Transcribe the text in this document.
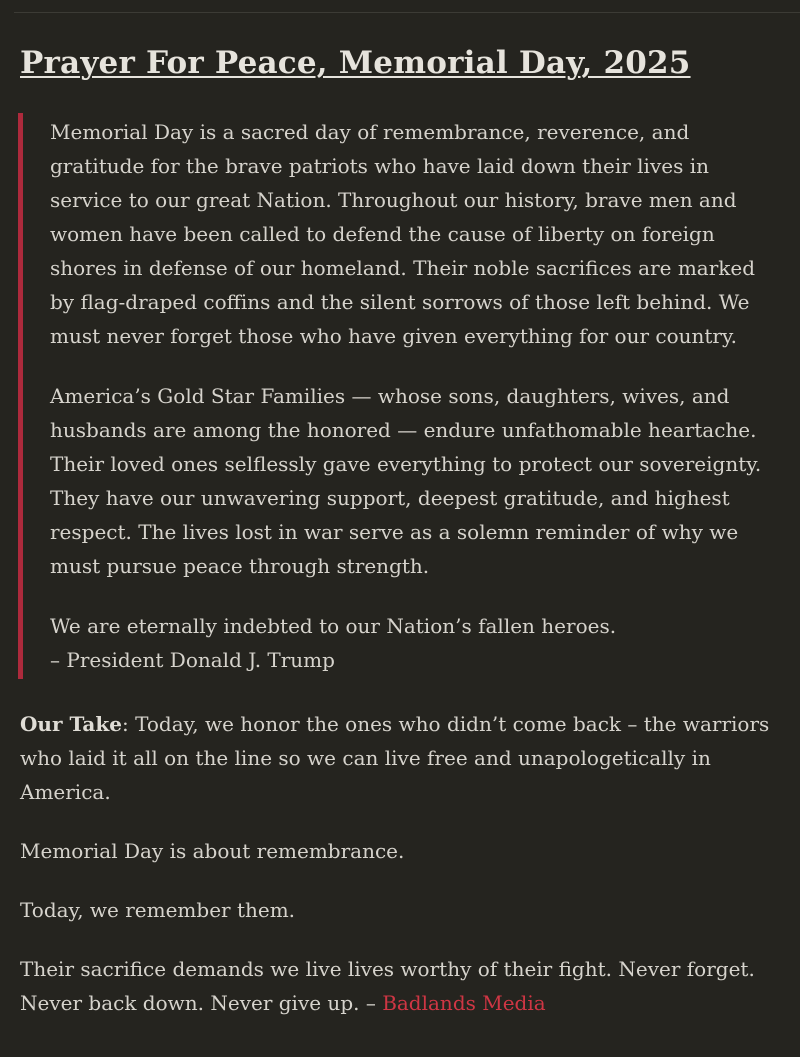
Prayer For Peace, Memorial Day, 2025

Memorial Day is a sacred day of remembrance, reverence, and gratitude for the brave patriots who have laid down their lives in service to our great Nation. Throughout our history, brave men and women have been called to defend the cause of liberty on foreign shores in defense of our homeland. Their noble sacrifices are marked by flag-draped coffins and the silent sorrows of those left behind. We must never forget those who have given everything for our country.

America’s Gold Star Families — whose sons, daughters, wives, and husbands are among the honored — endure unfathomable heartache. Their loved ones selflessly gave everything to protect our sovereignty. They have our unwavering support, deepest gratitude, and highest respect. The lives lost in war serve as a solemn reminder of why we must pursue peace through strength.

We are eternally indebted to our Nation’s fallen heroes.
– President Donald J. Trump

Our Take: Today, we honor the ones who didn’t come back – the warriors who laid it all on the line so we can live free and unapologetically in America.

Memorial Day is about remembrance.

Today, we remember them.

Their sacrifice demands we live lives worthy of their fight. Never forget. Never back down. Never give up. – Badlands Media
